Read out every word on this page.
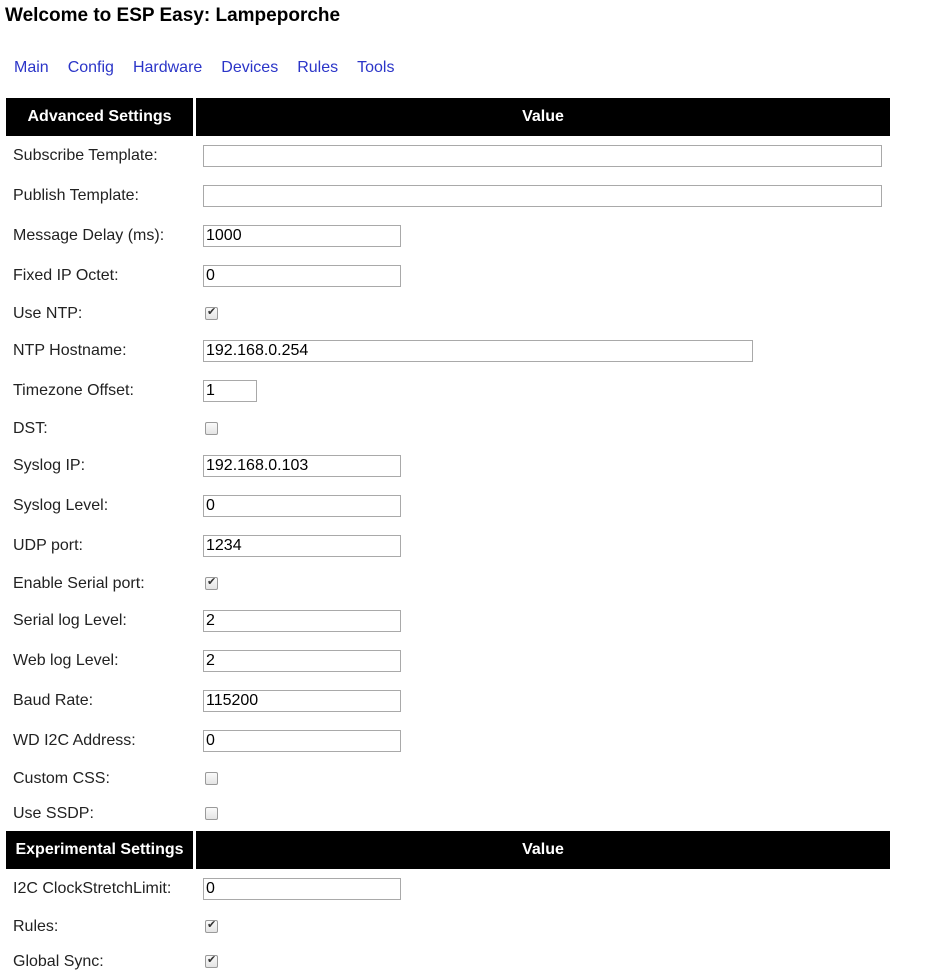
Welcome to ESP Easy: Lampeporche
Main	Config	Hardware	Devices	Rules	Tools
Advanced Settings	Value
Subscribe Template:	
Publish Template:	
Message Delay (ms):	1000
Fixed IP Octet:	0
Use NTP:	✔
NTP Hostname:	192.168.0.254
Timezone Offset:	1
DST:	
Syslog IP:	192.168.0.103
Syslog Level:	0
UDP port:	1234
Enable Serial port:	✔
Serial log Level:	2
Web log Level:	2
Baud Rate:	115200
WD I2C Address:	0
Custom CSS:	
Use SSDP:	
Experimental Settings	Value
I2C ClockStretchLimit:	0
Rules:	✔
Global Sync:	✔
